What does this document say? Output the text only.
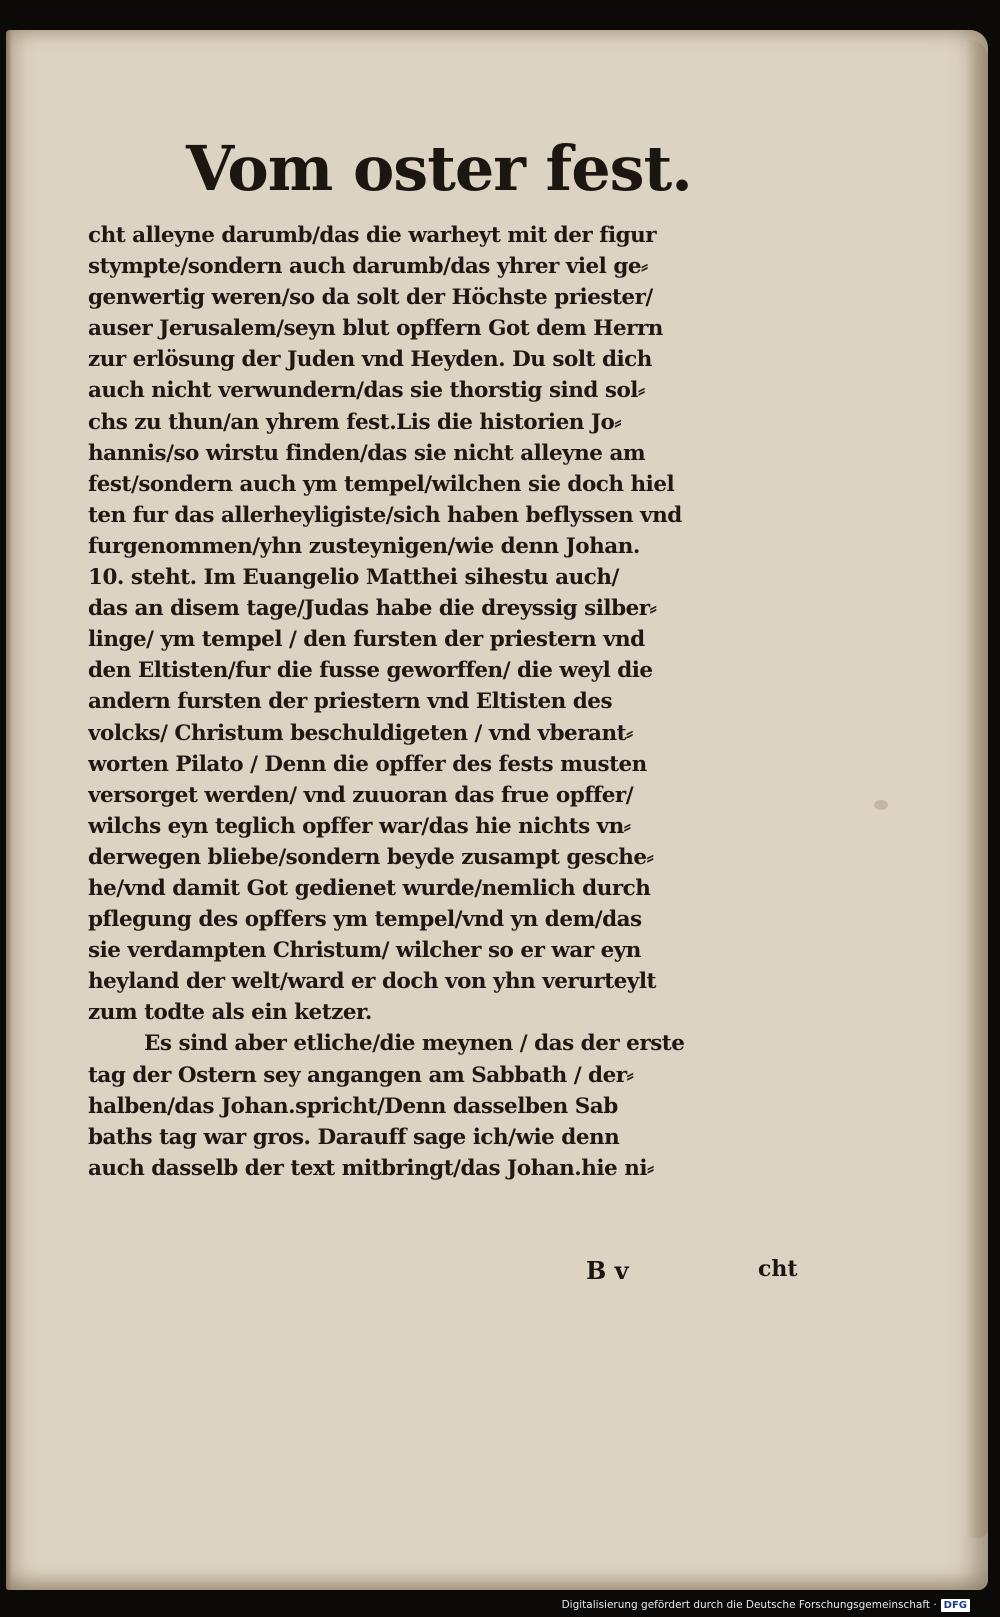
Vom oster fest.
cht alleyne darumb/das die warheyt mit der figur
stympte/sondern auch darumb/das yhrer viel ge⸗
genwertig weren/so da solt der Höchste priester/
auser Jerusalem/seyn blut opffern Got dem Herrn
zur erlösung der Juden vnd Heyden. Du solt dich
auch nicht verwundern/das sie thorstig sind sol⸗
chs zu thun/an yhrem fest.Lis die historien Jo⸗
hannis/so wirstu finden/das sie nicht alleyne am
fest/sondern auch ym tempel/wilchen sie doch hiel
ten fur das allerheyligiste/sich haben beflyssen vnd
furgenommen/yhn zusteynigen/wie denn Johan.
10. steht. Im Euangelio Matthei sihestu auch/
das an disem tage/Judas habe die dreyssig silber⸗
linge/ ym tempel / den fursten der priestern vnd
den Eltisten/fur die fusse geworffen/ die weyl die
andern fursten der priestern vnd Eltisten des
volcks/ Christum beschuldigeten / vnd vberant⸗
worten Pilato / Denn die opffer des fests musten
versorget werden/ vnd zuuoran das frue opffer/
wilchs eyn teglich opffer war/das hie nichts vn⸗
derwegen bliebe/sondern beyde zusampt gesche⸗
he/vnd damit Got gedienet wurde/nemlich durch
pflegung des opffers ym tempel/vnd yn dem/das
sie verdampten Christum/ wilcher so er war eyn
heyland der welt/ward er doch von yhn verurteylt
zum todte als ein ketzer.
Es sind aber etliche/die meynen / das der erste
tag der Ostern sey angangen am Sabbath / der⸗
halben/das Johan.spricht/Denn dasselben Sab
baths tag war gros. Darauff sage ich/wie denn
auch dasselb der text mitbringt/das Johan.hie ni⸗
B v	cht
Digitalisierung gefördert durch die Deutsche Forschungsgemeinschaft · DFG
